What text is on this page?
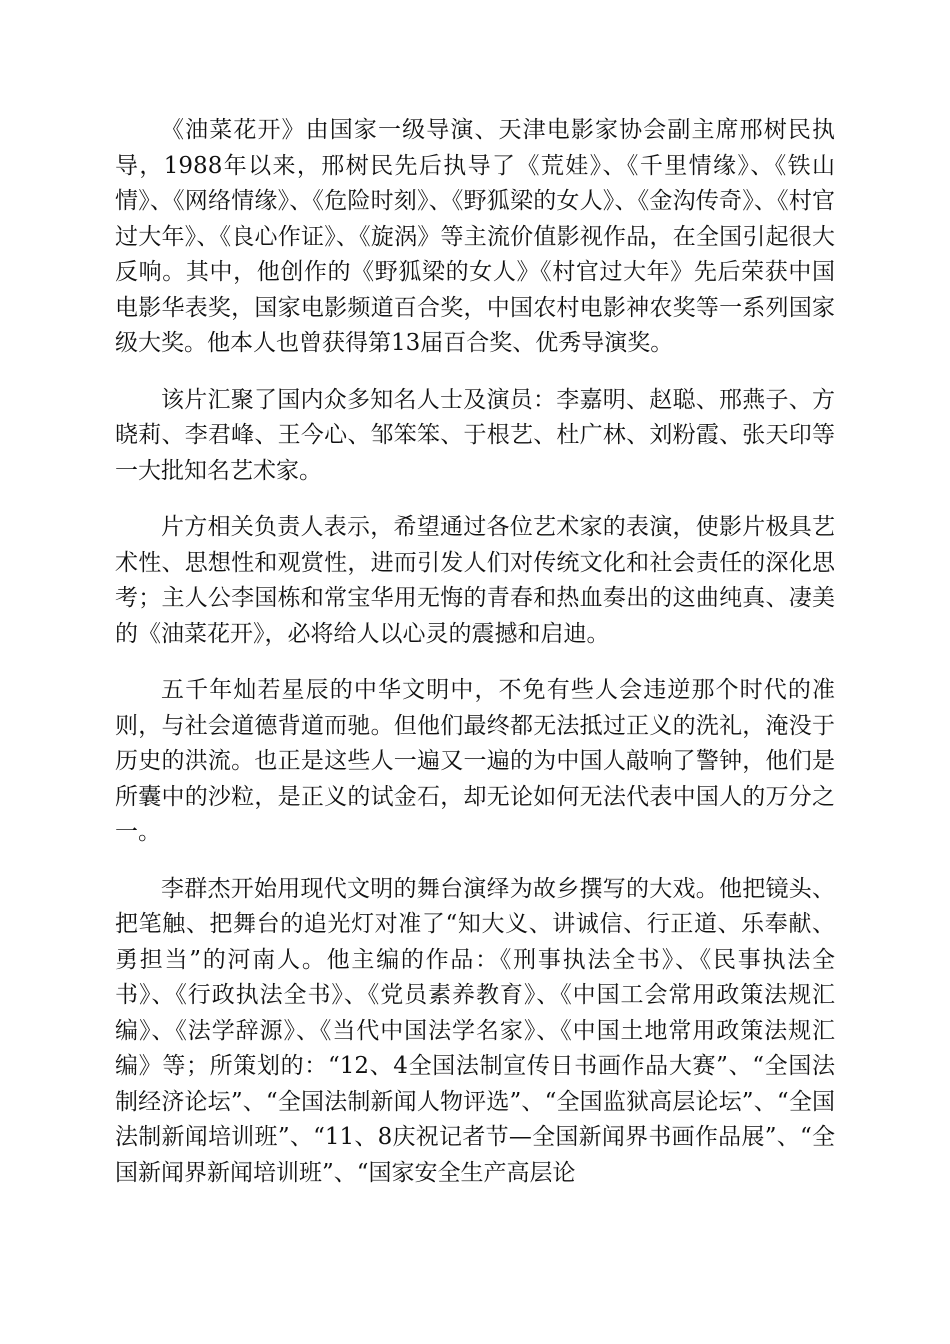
《油菜花开》由国家一级导演、天津电影家协会副主席邢树民执导，1988年以来，邢树民先后执导了《荒娃》、《千里情缘》、《铁山情》、《网络情缘》、《危险时刻》、《野狐梁的女人》、《金沟传奇》、《村官过大年》、《良心作证》、《旋涡》等主流价值影视作品，在全国引起很大反响。其中，他创作的《野狐梁的女人》《村官过大年》先后荣获中国电影华表奖，国家电影频道百合奖，中国农村电影神农奖等一系列国家级大奖。他本人也曾获得第13届百合奖、优秀导演奖。

该片汇聚了国内众多知名人士及演员：李嘉明、赵聪、邢燕子、方晓莉、李君峰、王今心、邹笨笨、于根艺、杜广林、刘粉霞、张天印等一大批知名艺术家。

片方相关负责人表示，希望通过各位艺术家的表演，使影片极具艺术性、思想性和观赏性，进而引发人们对传统文化和社会责任的深化思考；主人公李国栋和常宝华用无悔的青春和热血奏出的这曲纯真、凄美的《油菜花开》，必将给人以心灵的震撼和启迪。

五千年灿若星辰的中华文明中，不免有些人会违逆那个时代的准则，与社会道德背道而驰。但他们最终都无法抵过正义的洗礼，淹没于历史的洪流。也正是这些人一遍又一遍的为中国人敲响了警钟，他们是所囊中的沙粒，是正义的试金石，却无论如何无法代表中国人的万分之一。

李群杰开始用现代文明的舞台演绎为故乡撰写的大戏。他把镜头、把笔触、把舞台的追光灯对准了“知大义、讲诚信、行正道、乐奉献、勇担当”的河南人。他主编的作品：《刑事执法全书》、《民事执法全书》、《行政执法全书》、《党员素养教育》、《中国工会常用政策法规汇编》、《法学辞源》、《当代中国法学名家》、《中国土地常用政策法规汇编》等；所策划的：“12、4全国法制宣传日书画作品大赛”、“全国法制经济论坛”、“全国法制新闻人物评选”、“全国监狱高层论坛”、“全国法制新闻培训班”、“11、8庆祝记者节—全国新闻界书画作品展”、“全国新闻界新闻培训班”、“国家安全生产高层论
